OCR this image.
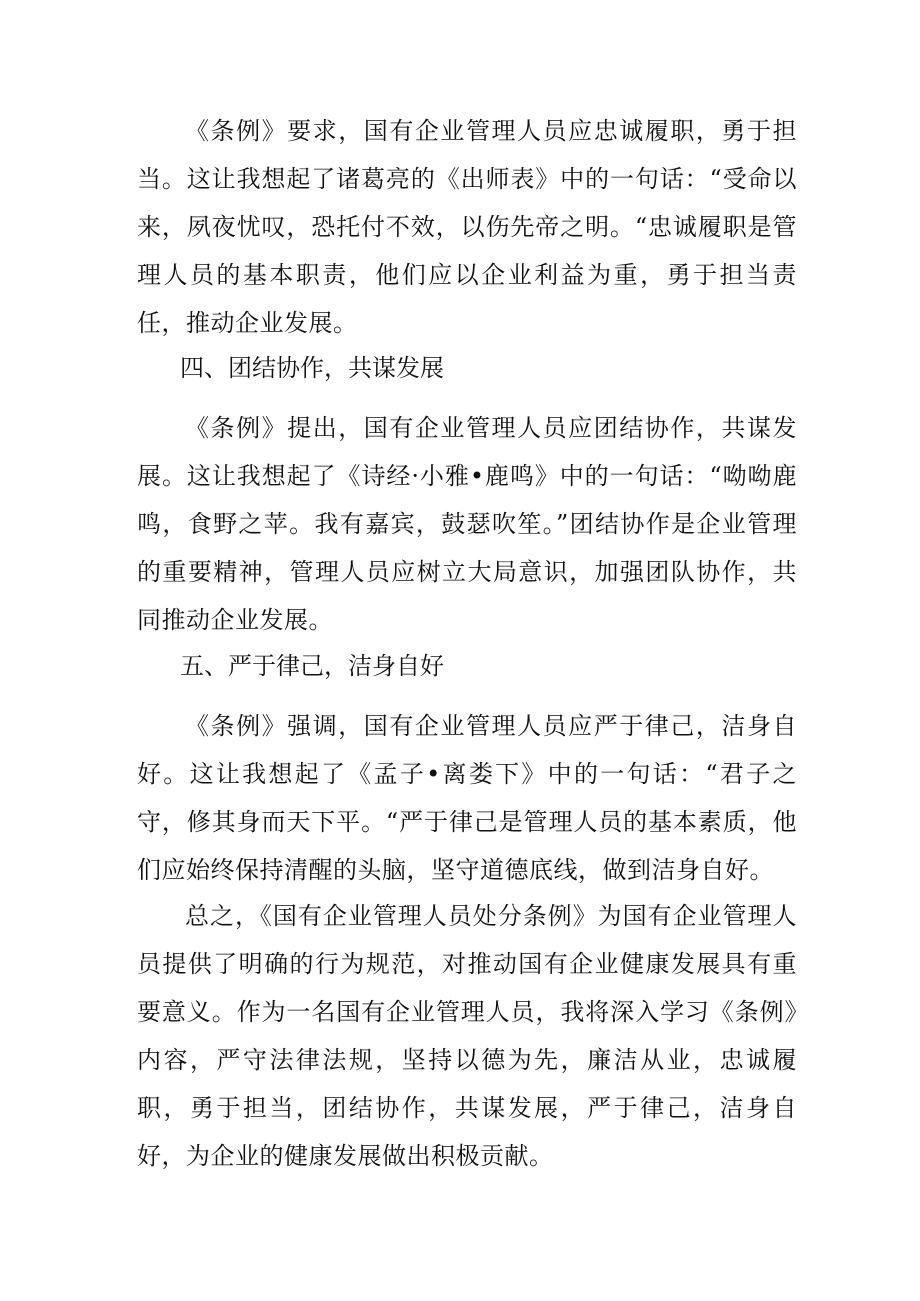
《条例》要求，国有企业管理人员应忠诚履职，勇于担当。这让我想起了诸葛亮的《出师表》中的一句话：“受命以来，夙夜忧叹，恐托付不效，以伤先帝之明。“忠诚履职是管理人员的基本职责，他们应以企业利益为重，勇于担当责任，推动企业发展。

四、团结协作，共谋发展

《条例》提出，国有企业管理人员应团结协作，共谋发展。这让我想起了《诗经·小雅•鹿鸣》中的一句话：“呦呦鹿鸣，食野之苹。我有嘉宾，鼓瑟吹笙。”团结协作是企业管理的重要精神，管理人员应树立大局意识，加强团队协作，共同推动企业发展。

五、严于律己，洁身自好

《条例》强调，国有企业管理人员应严于律己，洁身自好。这让我想起了《孟子•离娄下》中的一句话：“君子之守，修其身而天下平。“严于律己是管理人员的基本素质，他们应始终保持清醒的头脑，坚守道德底线，做到洁身自好。

总之，《国有企业管理人员处分条例》为国有企业管理人员提供了明确的行为规范，对推动国有企业健康发展具有重要意义。作为一名国有企业管理人员，我将深入学习《条例》内容，严守法律法规，坚持以德为先，廉洁从业，忠诚履职，勇于担当，团结协作，共谋发展，严于律己，洁身自好，为企业的健康发展做出积极贡献。
